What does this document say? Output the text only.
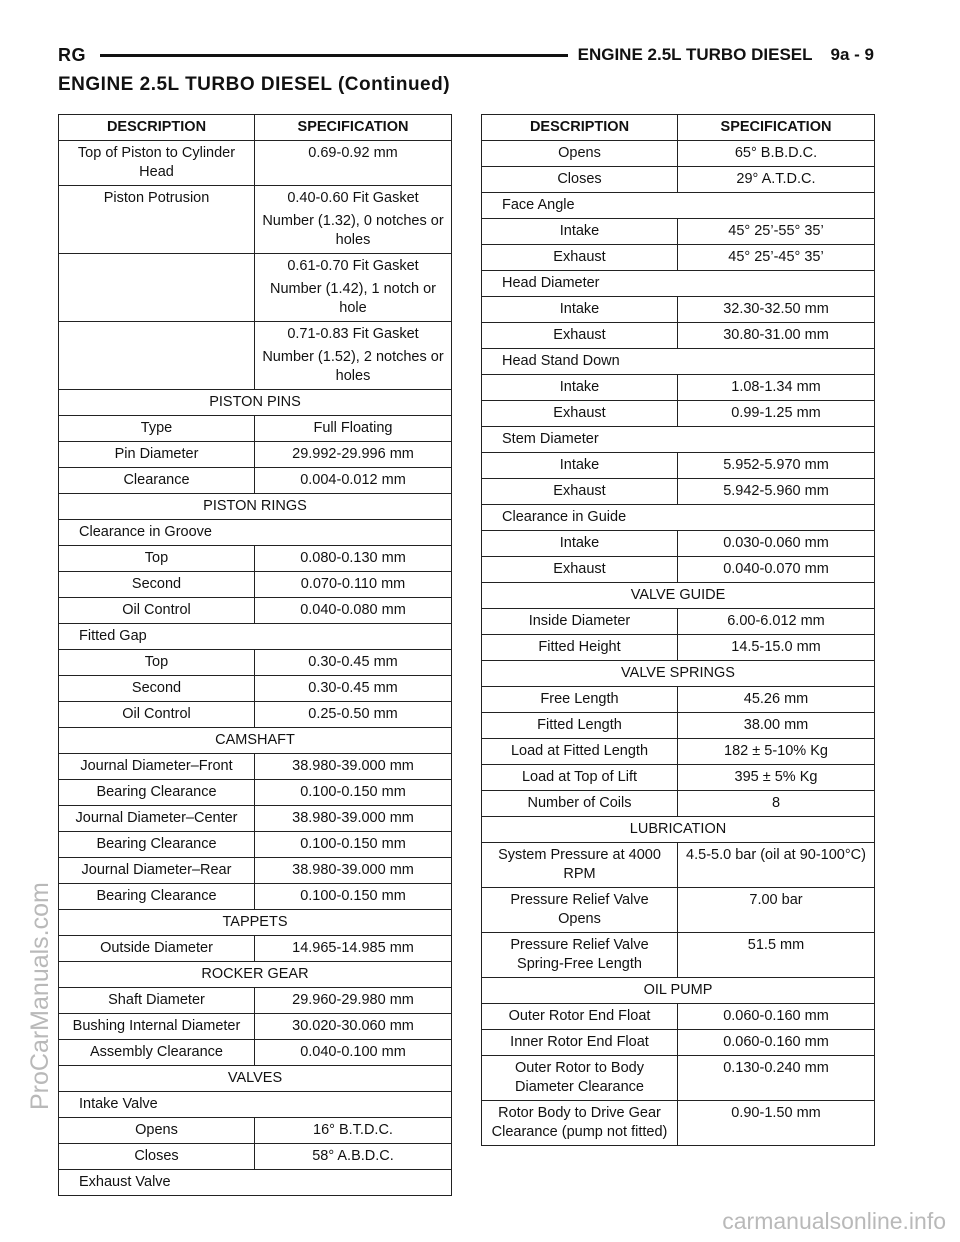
RG	ENGINE 2.5L TURBO DIESEL 9a - 9
ENGINE 2.5L TURBO DIESEL (Continued)
DESCRIPTION	SPECIFICATION
Top of Piston to Cylinder Head	0.69-0.92 mm
Piston Potrusion	0.40-0.60 Fit Gasket
Number (1.32), 0 notches or holes

	0.61-0.70 Fit Gasket
Number (1.42), 1 notch or hole

	0.71-0.83 Fit Gasket
Number (1.52), 2 notches or holes

PISTON PINS	
Type	Full Floating
Pin Diameter	29.992-29.996 mm
Clearance	0.004-0.012 mm
PISTON RINGS	
Clearance in Groove	
Top	0.080-0.130 mm
Second	0.070-0.110 mm
Oil Control	0.040-0.080 mm
Fitted Gap	
Top	0.30-0.45 mm
Second	0.30-0.45 mm
Oil Control	0.25-0.50 mm
CAMSHAFT	
Journal Diameter–Front	38.980-39.000 mm
Bearing Clearance	0.100-0.150 mm
Journal Diameter–Center	38.980-39.000 mm
Bearing Clearance	0.100-0.150 mm
Journal Diameter–Rear	38.980-39.000 mm
Bearing Clearance	0.100-0.150 mm
TAPPETS	
Outside Diameter	14.965-14.985 mm
ROCKER GEAR	
Shaft Diameter	29.960-29.980 mm
Bushing Internal Diameter	30.020-30.060 mm
Assembly Clearance	0.040-0.100 mm
VALVES	
Intake Valve	
Opens	16° B.T.D.C.
Closes	58° A.B.D.C.
Exhaust Valve	
DESCRIPTION	SPECIFICATION
Opens	65° B.B.D.C.
Closes	29° A.T.D.C.
Face Angle	
Intake	45° 25’-55° 35’
Exhaust	45° 25’-45° 35’
Head Diameter	
Intake	32.30-32.50 mm
Exhaust	30.80-31.00 mm
Head Stand Down	
Intake	1.08-1.34 mm
Exhaust	0.99-1.25 mm
Stem Diameter	
Intake	5.952-5.970 mm
Exhaust	5.942-5.960 mm
Clearance in Guide	
Intake	0.030-0.060 mm
Exhaust	0.040-0.070 mm
VALVE GUIDE	
Inside Diameter	6.00-6.012 mm
Fitted Height	14.5-15.0 mm
VALVE SPRINGS	
Free Length	45.26 mm
Fitted Length	38.00 mm
Load at Fitted Length	182 ± 5-10% Kg
Load at Top of Lift	395 ± 5% Kg
Number of Coils	8
LUBRICATION	
System Pressure at 4000 RPM	4.5-5.0 bar (oil at 90-100°C)
Pressure Relief Valve Opens	7.00 bar
Pressure Relief Valve Spring-Free Length	51.5 mm
OIL PUMP	
Outer Rotor End Float	0.060-0.160 mm
Inner Rotor End Float	0.060-0.160 mm
Outer Rotor to Body Diameter Clearance	0.130-0.240 mm
Rotor Body to Drive Gear Clearance (pump not fitted)	0.90-1.50 mm
ProCarManuals.com
carmanualsonline.info
